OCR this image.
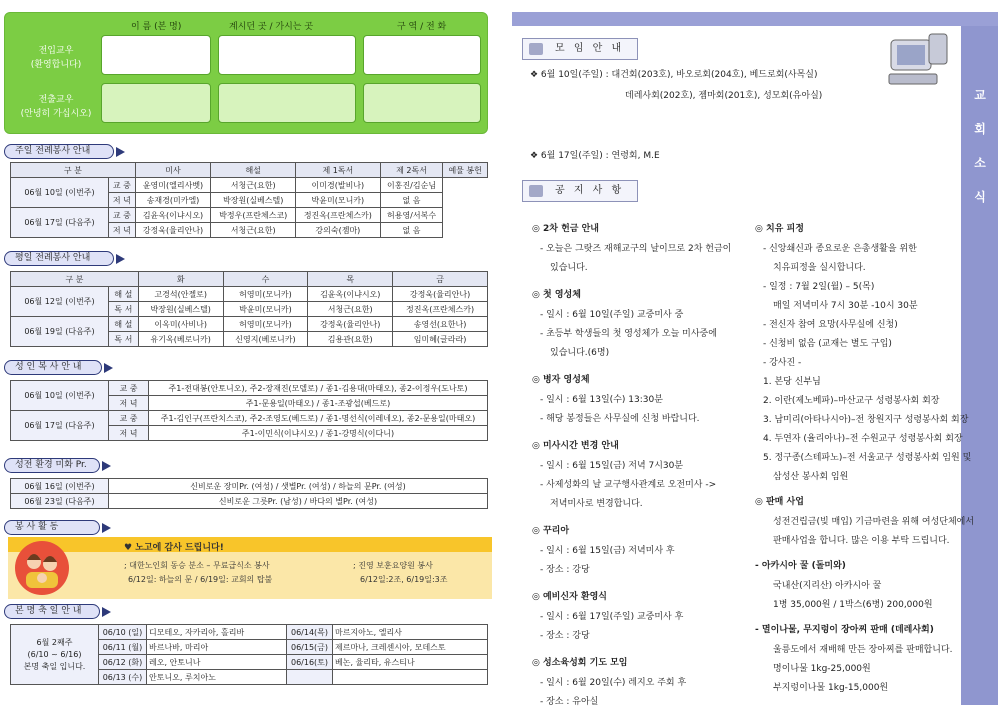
이 름 (본 명)	계시던 곳 / 가시는 곳	구 역 / 전 화
전입교우
(환영합니다)
전출교우
(안녕히 가십시오)
주일 전례봉사 안내
구 분		미사	해설	제 1독서	제 2독서	예물 봉헌
06월 10일 (이번주)	교 중	윤영미(엘리사벳)	서청근(요한)	이미경(발비나)	이홍진/김순님	
	저 녁	송재경(미카엘)	박장원(실베스텔)	박윤미(모니카)	없 음	
06월 17일 (다음주)	교 중	김윤옥(이냐시오)	박정우(프란체스코)	정진옥(프란체스카)	허용영/서복수	
	저 녁	강정욱(율리안나)	서청근(요한)	강의숙(젬마)	없 음	
평일 전례봉사 안내
구 분		화	수	목	금
06월 12일 (이번주)	해 설	고경석(안젤로)	허영미(모니카)	김윤옥(이냐시오)	강정욱(율리안나)
	독 서	박장원(실베스텔)	박윤미(모니카)	서청근(요한)	정진옥(프란체스카)
06월 19일 (다음주)	해 설	이옥미(사비나)	허영미(모니카)	강정욱(율리안나)	송영선(요한나)
	독 서	유기옥(베로니카)	신영지(베로니카)	김용관(요한)	임미혜(글라라)
성 인 복 사 안 내
06월 10일 (이번주)	교 중	주1-전대봉(안토니오), 주2-장재진(모델로) / 종1-김용대(마태오), 종2-이정우(도나토)
	저 녁	주1-문용일(마태오) / 종1-조광섭(베드로)
06월 17일 (다음주)	교 중	주1-김인구(프란치스코), 주2-조영도(베드로) / 종1-명선식(이레네오), 종2-문용일(마태오)
	저 녁	주1-이민식(이냐시오) / 종1-강명식(이다니)
성전 환경 미화 Pr.
06월 16일 (이번주)	신비로운 장미Pr. (여성) / 샛별Pr. (여성) / 하늘의 문Pr. (여성)
06월 23일 (다음주)	신비로운 그릇Pr. (남성) / 바다의 별Pr. (여성)
봉 사 활 동
♥ 노고에 감사 드립니다!
; 대한노인회 동승 분소 – 무료급식소 봉사
6/12일: 하늘의 문 / 6/19일: 교회의 탑불
; 진영 보훈요양원 봉사
6/12일:2조, 6/19일:3조
본 명 축 일 안 내
6월 2째주
(6/10 ~ 6/16)
본명 축일 입니다.	06/10 (일)	디모테오, 자카리아, 홀리바	06/14(목)	마르지아노, 엘리사
	06/11 (월)	바르나바, 마리아	06/15(금)	제르마나, 크레센시아, 모데스토
	06/12 (화)	레오, 안토니나	06/16(토)	베논, 율리타, 유스티나
	06/13 (수)	안토니오, 루치아노		
교
회
소
식
모 임 안 내
❖ 6월 10일(주일) : 대건회(203호), 바오로회(204호), 베드로회(사목실)
데레사회(202호), 젬마회(201호), 성모회(유아실)
❖ 6월 17일(주일) : 연령회, M.E
공 지 사 항
◎ 2차 헌금 안내
- 오늘은 그랏즈 재해교구의 날이므로 2차 헌금이
있습니다.
◎ 첫 영성체
- 일시 : 6월 10일(주일) 교중미사 중
- 초등부 학생들의 첫 영성체가 오늘 미사중에
있습니다.(6명)
◎ 병자 영성체
- 일시 : 6월 13일(수) 13:30분
- 해당 봉정들은 사무실에 신청 바랍니다.
◎ 미사시간 변경 안내
- 일시 : 6월 15일(금) 저녁 7시30분
- 사제성화의 날 교구행사관계로 오전미사 ->
저녁미사로 변경합니다.
◎ 꾸리아
- 일시 : 6월 15일(금) 저녁미사 후
- 장소 : 강당
◎ 예비신자 환영식
- 일시 : 6월 17일(주일) 교중미사 후
- 장소 : 강당
◎ 성소육성회 기도 모임
- 일시 : 6월 20일(수) 레지오 주회 후
- 장소 : 유아실
◎ 치유 피정
- 신앙쇄신과 종요로운 은총생활을 위한
치유피정을 실시합니다.
- 일정 : 7월 2일(월) – 5(목)
매일 저녁미사 7시 30분 -10시 30분
- 전신자 참여 요망(사무실에 신청)
- 신청비 없음 (교재는 별도 구입)
- 강사진 -
1. 본당 신부님
2. 이란(제노베파)–마산교구 성령봉사회 회장
3. 남미리(아타나시아)–전 창원지구 성령봉사회 회장
4. 두연자 (율리아나)–전 수원교구 성령봉사회 회장
5. 정구종(스테파노)–전 서울교구 성령봉사회 임원 및
삼성산 봉사회 임원
◎ 판매 사업
성전건립금(빚 매입) 기금마련을 위해 여성단체에서
판매사업을 합니다. 많은 이용 부탁 드립니다.
- 아카시아 꿀 (돌미와)
국내산(지리산) 아카시아 꿀
1병 35,000원 / 1박스(6병) 200,000원
- 멸이나물, 무지렁이 장아찌 판매 (데레사회)
울릉도에서 재배해 만든 장아찌를 판매합니다.
명이나물 1kg-25,000원
부지렁이나물 1kg-15,000원
